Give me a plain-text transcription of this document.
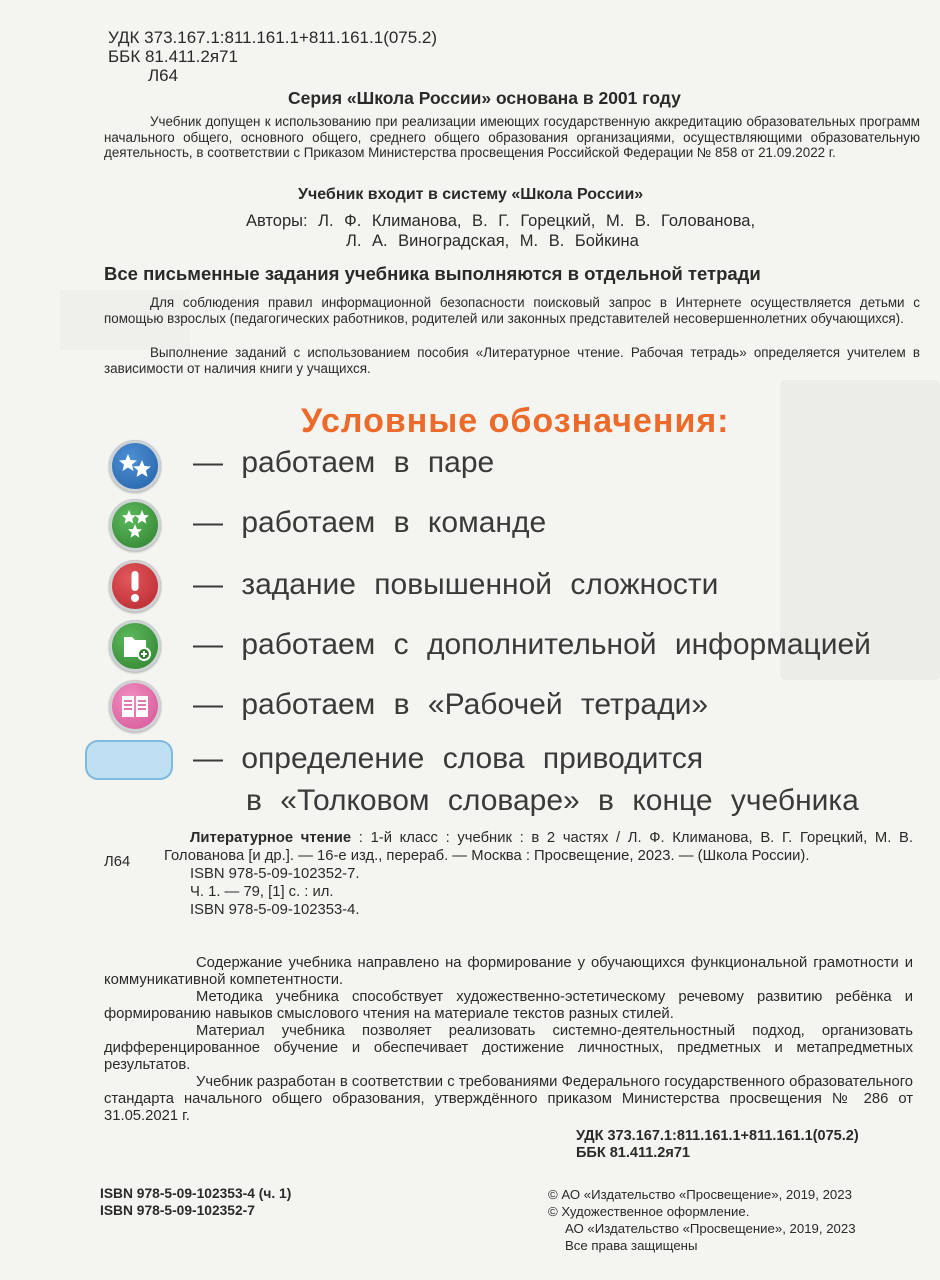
УДК 373.167.1:811.161.1+811.161.1(075.2)
ББК 81.411.2я71
Л64
Серия «Школа России» основана в 2001 году
Учебник допущен к использованию при реализации имеющих государственную аккредитацию образовательных программ начального общего, основного общего, среднего общего образования организациями, осуществляющими образовательную деятельность, в соответствии с Приказом Министерства просвещения Российской Федерации № 858 от 21.09.2022 г.
Учебник входит в систему «Школа России»
Авторы: Л. Ф. Климанова, В. Г. Горецкий, М. В. Голованова,
Л. А. Виноградская, М. В. Бойкина
Все письменные задания учебника выполняются в отдельной тетради
Для соблюдения правил информационной безопасности поисковый запрос в Интернете осуществляется детьми с помощью взрослых (педагогических работников, родителей или законных представителей несовершеннолетних обучающихся).
Выполнение заданий с использованием пособия «Литературное чтение. Рабочая тетрадь» определяется учителем в зависимости от наличия книги у учащихся.
Условные обозначения:
— работаем в паре
— работаем в команде
— задание повышенной сложности
— работаем с дополнительной информацией
— работаем в «Рабочей тетради»
— определение слова приводится
в «Толковом словаре» в конце учебника
Л64
Литературное чтение : 1-й класс : учебник : в 2 частях / Л. Ф. Климанова, В. Г. Горецкий, М. В. Голованова [и др.]. — 16-е изд., перераб. — Москва : Просвещение, 2023. — (Школа России).
ISBN 978-5-09-102352-7.
Ч. 1. — 79, [1] с. : ил.
ISBN 978-5-09-102353-4.

Содержание учебника направлено на формирование у обучающихся функциональной грамотности и коммуникативной компетентности.

Методика учебника способствует художественно-эстетическому речевому развитию ребёнка и формированию навыков смыслового чтения на материале текстов разных стилей.

Материал учебника позволяет реализовать системно-деятельностный подход, организовать дифференцированное обучение и обеспечивает достижение личностных, предметных и метапредметных результатов.

Учебник разработан в соответствии с требованиями Федерального государственного образовательного стандарта начального общего образования, утверждённого приказом Министерства просвещения № 286 от 31.05.2021 г.

УДК 373.167.1:811.161.1+811.161.1(075.2)
ББК 81.411.2я71
ISBN 978-5-09-102353-4 (ч. 1)
ISBN 978-5-09-102352-7
© АО «Издательство «Просвещение», 2019, 2023
© Художественное оформление.
АО «Издательство «Просвещение», 2019, 2023
Все права защищены
